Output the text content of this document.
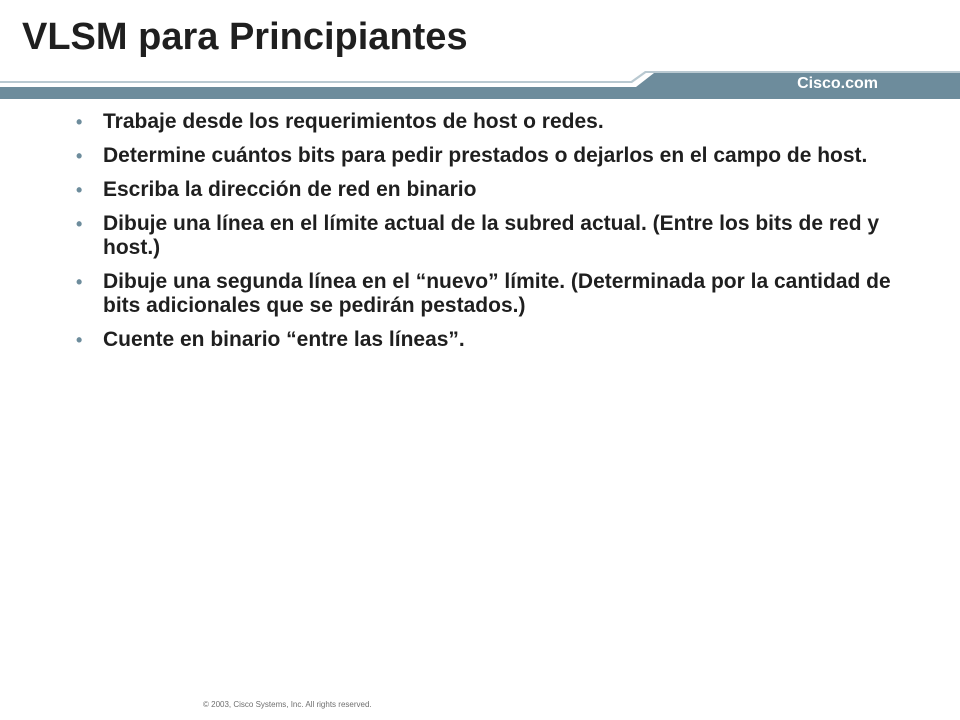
VLSM para Principiantes
Cisco.com
• Trabaje desde los requerimientos de host o redes.
• Determine cuántos bits para pedir prestados o dejarlos en el campo de host.
• Escriba la dirección de red en binario
• Dibuje una línea en el límite actual de la subred actual. (Entre los bits de red y host.)
• Dibuje una segunda línea en el “nuevo” límite. (Determinada por la cantidad de bits adicionales que se pedirán pestados.)
• Cuente en binario “entre las líneas”.
© 2003, Cisco Systems, Inc. All rights reserved.
